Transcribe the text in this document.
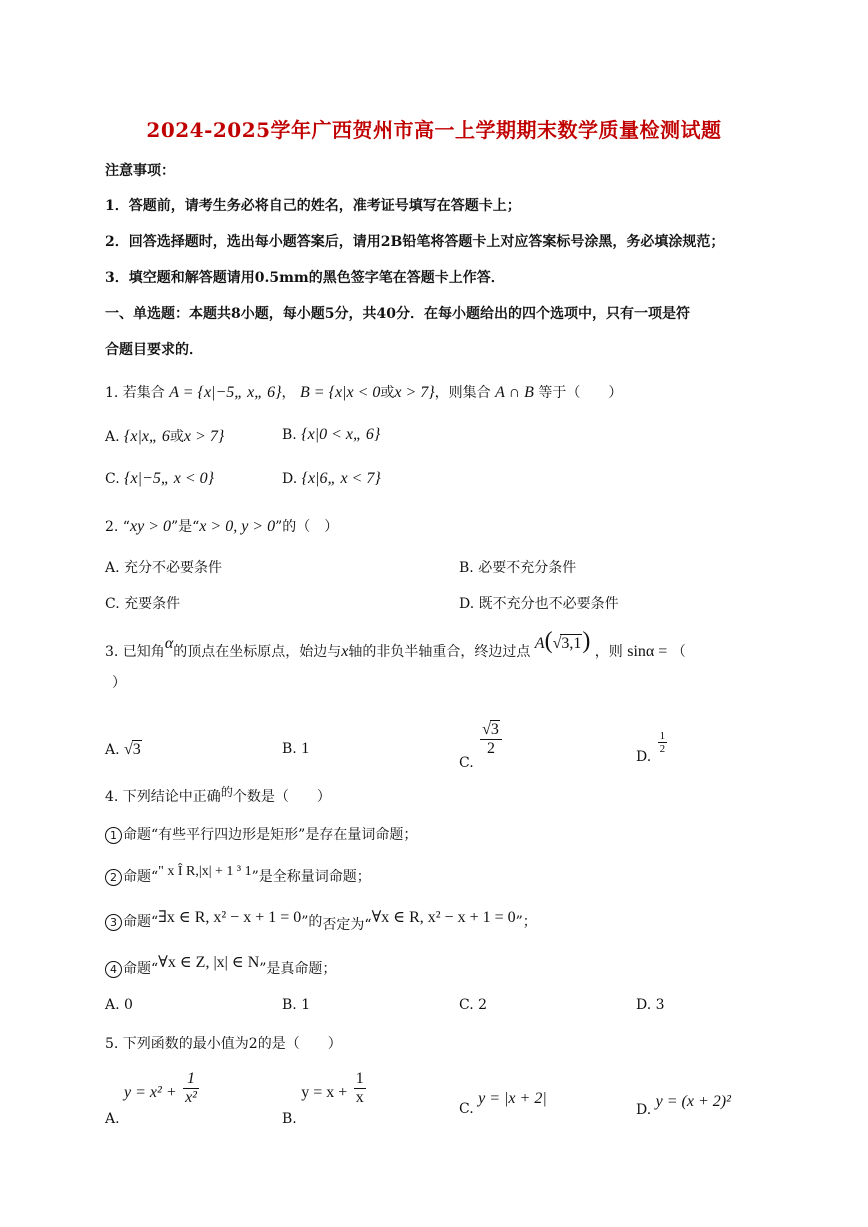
2024-2025学年广西贺州市高一上学期期末数学质量检测试题
注意事项：
1．答题前，请考生务必将自己的姓名，准考证号填写在答题卡上；
2．回答选择题时，选出每小题答案后，请用2B铅笔将答题卡上对应答案标号涂黑，务必填涂规范；
3．填空题和解答题请用0.5mm的黑色签字笔在答题卡上作答．
一、单选题：本题共8小题，每小题5分，共40分．在每小题给出的四个选项中，只有一项是符
合题目要求的．
1. 若集合 A = {x|−5„ x„ 6}， B = {x|x < 0或x > 7}，则集合 A ∩ B 等于（　　）
A. {x|x„ 6或x > 7}	B. {x|0 < x„ 6}
C. {x|−5„ x < 0}	D. {x|6„ x < 7}
2. “xy > 0”是“x > 0, y > 0”的（　）
A. 充分不必要条件	B. 必要不充分条件
C. 充要条件	D. 既不充分也不必要条件
3. 已知角α的顶点在坐标原点，始边与x轴的非负半轴重合，终边过点 A(√3,1) ，则 sinα = （
）
A. √3	B. 1
C.
$\frac{√3}{2}$	D.
$\frac{1}{2}$
4. 下列结论中正确的个数是（　　）
1 命题“有些平行四边形是矩形”是存在量词命题；
2 命题“" x Î R,|x| + 1 ³ 1”是全称量词命题；
3 命题“∃x ∈ R, x² − x + 1 = 0”的否定为“∀x ∈ R, x² − x + 1 = 0”；
4 命题“∀x ∈ Z, |x| ∈ N”是真命题；
A. 0	B. 1	C. 2	D. 3
5. 下列函数的最小值为2的是（　　）
A. $y = x^2 + \frac{1}{\text{x²}}$
B. $y = x + \frac{1}{x}$
C. y = |x + 2|
D. y = (x + 2)²
